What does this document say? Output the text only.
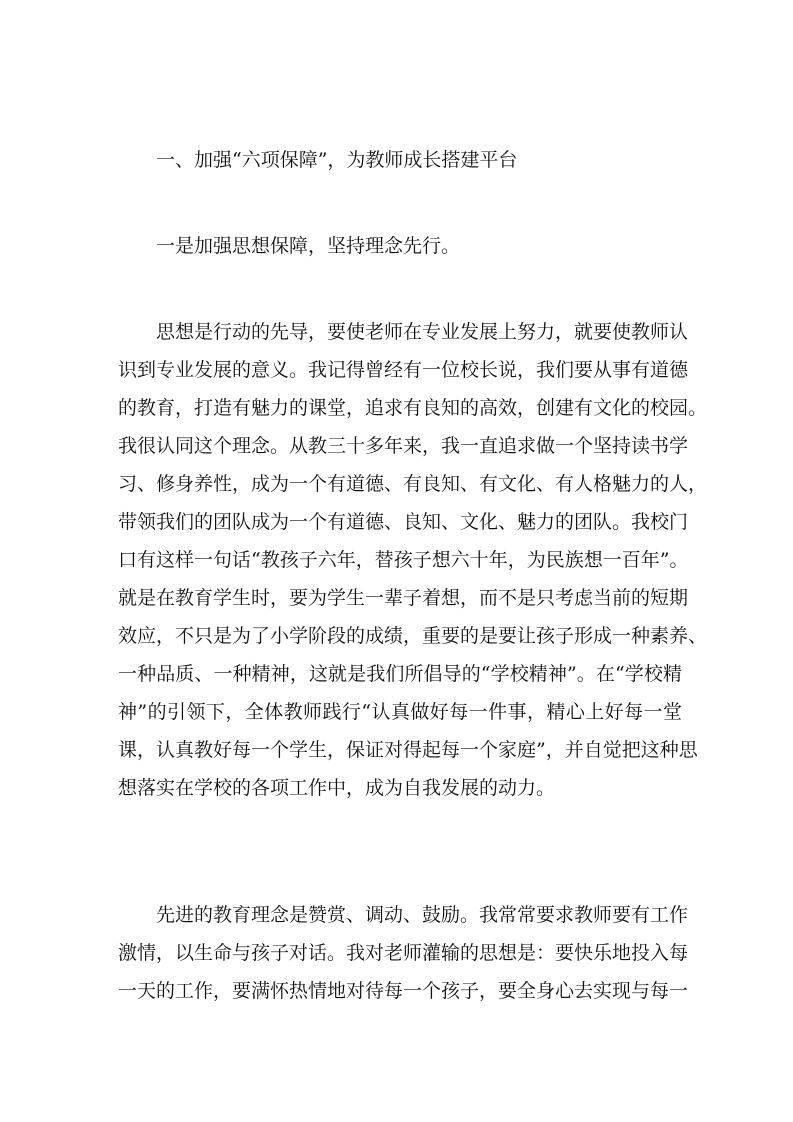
一、加强“六项保障”，为教师成长搭建平台
一是加强思想保障，坚持理念先行。
思想是行动的先导，要使老师在专业发展上努力，就要使教师认
识到专业发展的意义。我记得曾经有一位校长说，我们要从事有道德
的教育，打造有魅力的课堂，追求有良知的高效，创建有文化的校园。
我很认同这个理念。从教三十多年来，我一直追求做一个坚持读书学
习、修身养性，成为一个有道德、有良知、有文化、有人格魅力的人，
带领我们的团队成为一个有道德、良知、文化、魅力的团队。我校门
口有这样一句话“教孩子六年，替孩子想六十年，为民族想一百年”。
就是在教育学生时，要为学生一辈子着想，而不是只考虑当前的短期
效应，不只是为了小学阶段的成绩，重要的是要让孩子形成一种素养、
一种品质、一种精神，这就是我们所倡导的“学校精神”。在“学校精
神”的引领下，全体教师践行“认真做好每一件事，精心上好每一堂
课，认真教好每一个学生，保证对得起每一个家庭”，并自觉把这种思
想落实在学校的各项工作中，成为自我发展的动力。
先进的教育理念是赞赏、调动、鼓励。我常常要求教师要有工作
激情，以生命与孩子对话。我对老师灌输的思想是：要快乐地投入每
一天的工作，要满怀热情地对待每一个孩子，要全身心去实现与每一
